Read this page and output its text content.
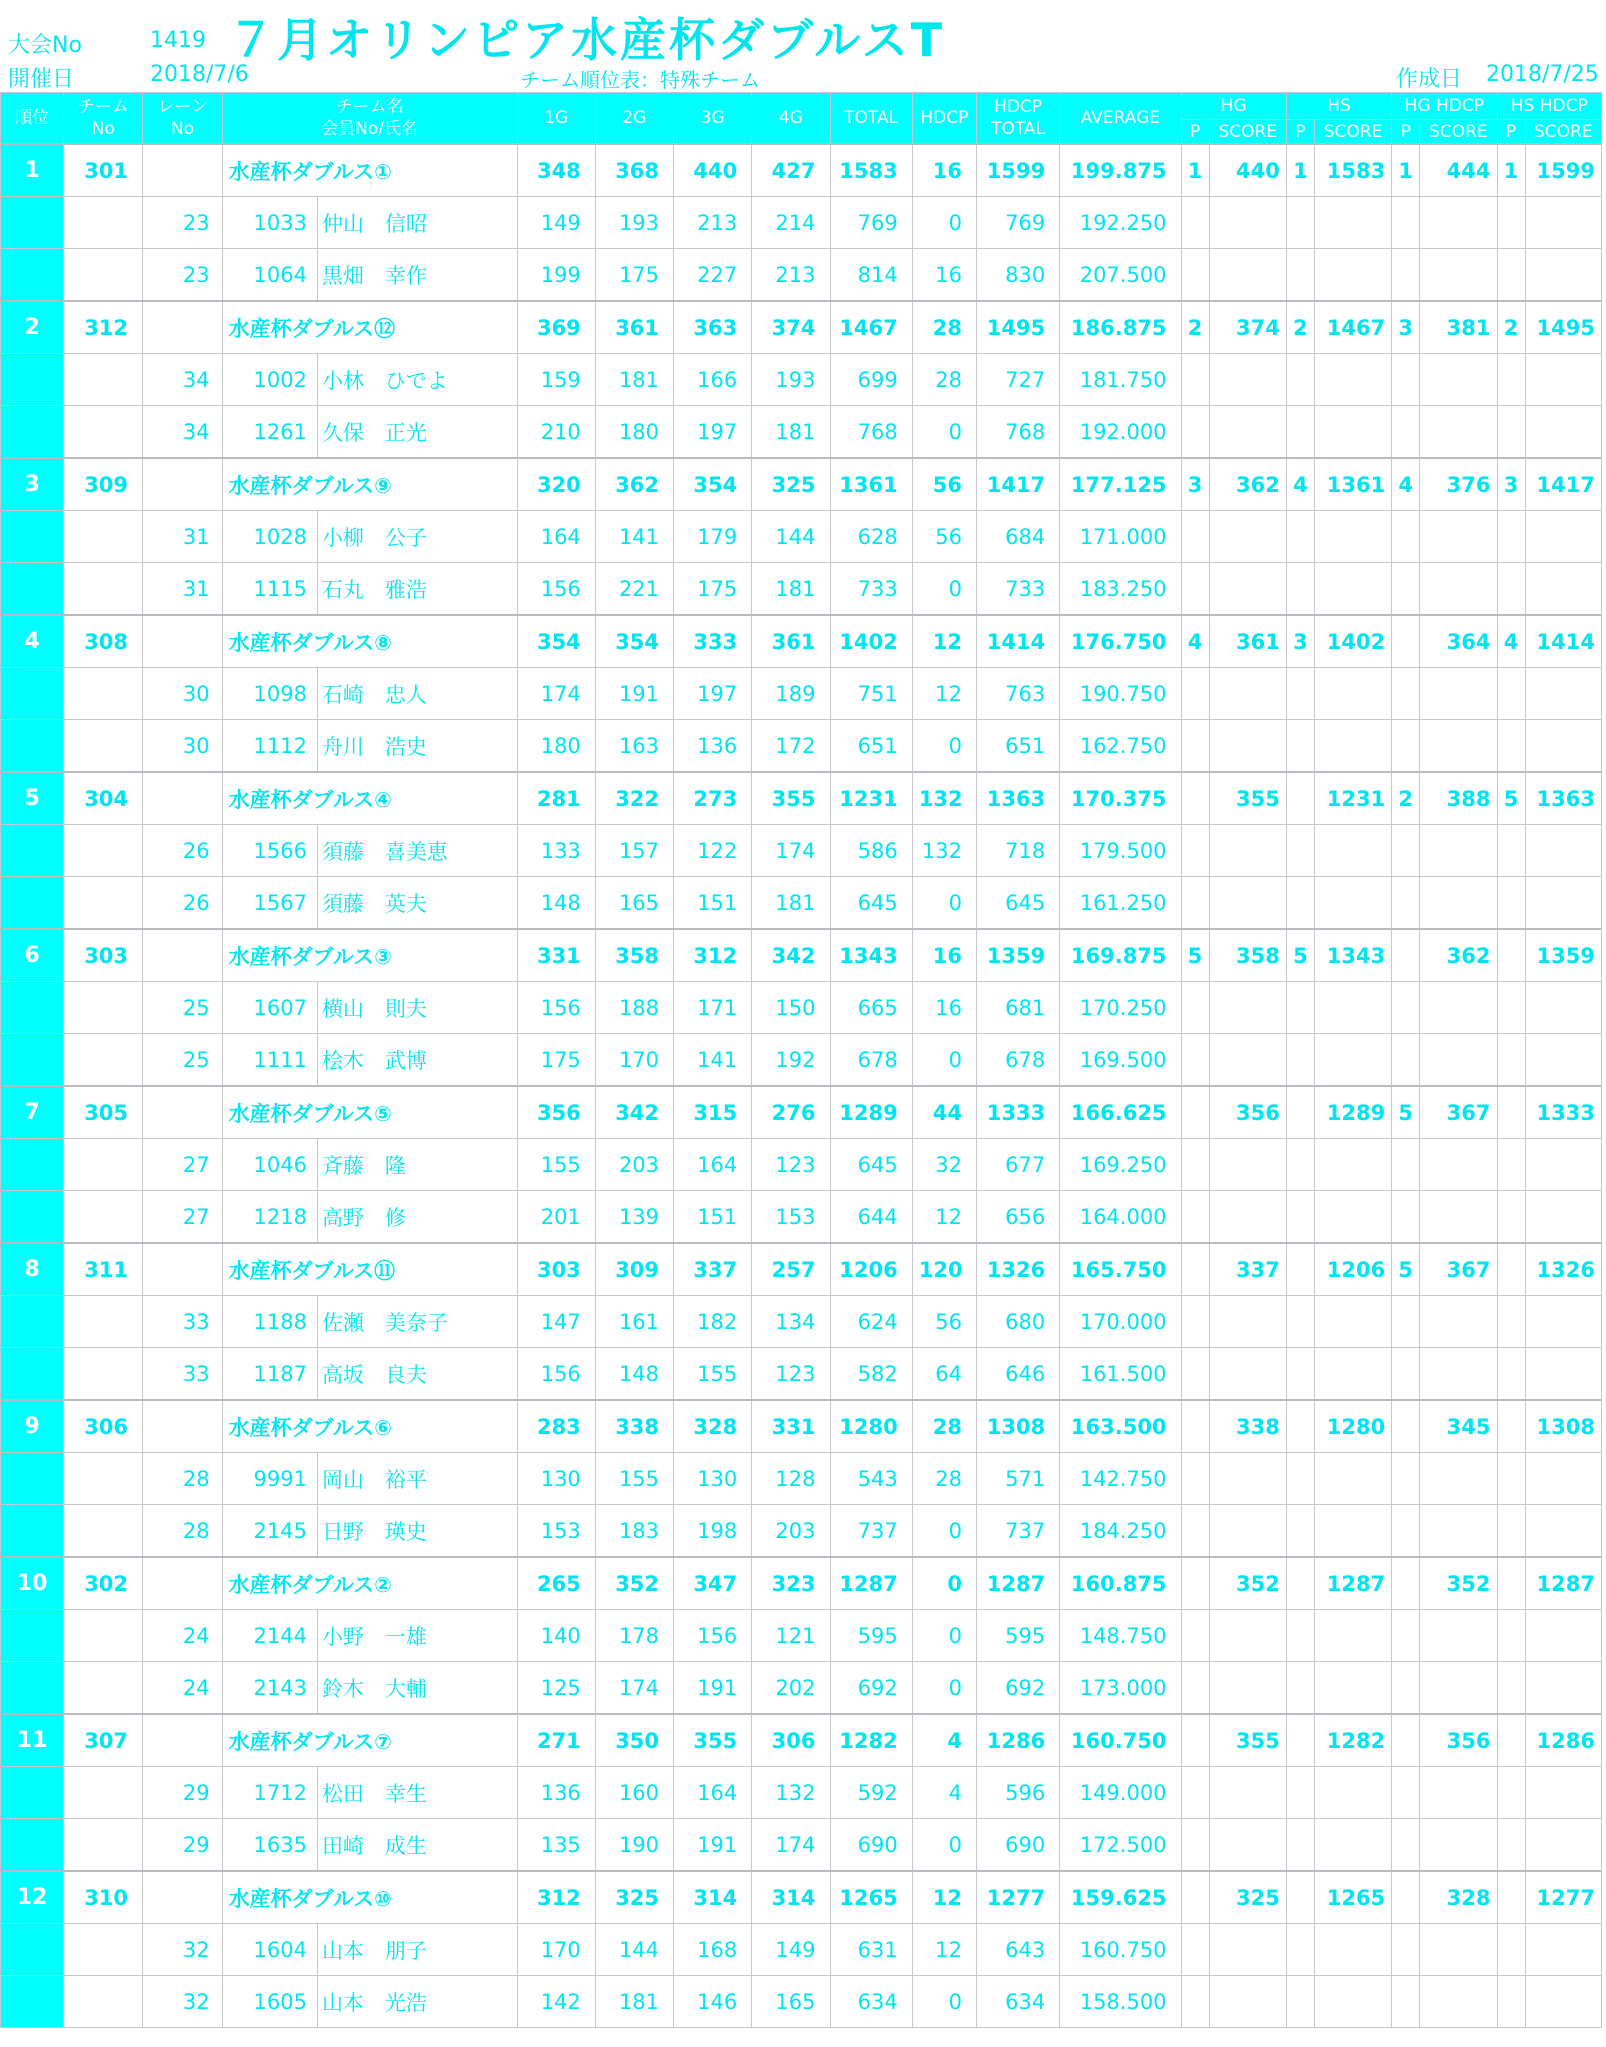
大会No	1419 ７月オリンピア水産杯ダブルスT
開催日	2018/7/6	チーム順位表：特殊チーム	作成日 2018/7/25
順位	チーム No	レーン No	チーム名
会員No/氏名		1G	2G	3G	4G	TOTAL	HDCP	HDCP TOTAL	AVERAGE	HG		HS		HG HDCP		HS HDCP	
													P	SCORE	P	SCORE	P	SCORE	P	SCORE
1	301		水産杯ダブルス①		348	368	440	427	1583	16	1599	199.875	1	440	1	1583	1	444	1	1599
		23	1033	仲山　信昭	149	193	213	214	769	0	769	192.250								
		23	1064	黒畑　幸作	199	175	227	213	814	16	830	207.500								
2	312		水産杯ダブルス⑫		369	361	363	374	1467	28	1495	186.875	2	374	2	1467	3	381	2	1495
		34	1002	小林　ひでよ	159	181	166	193	699	28	727	181.750								
		34	1261	久保　正光	210	180	197	181	768	0	768	192.000								
3	309		水産杯ダブルス⑨		320	362	354	325	1361	56	1417	177.125	3	362	4	1361	4	376	3	1417
		31	1028	小柳　公子	164	141	179	144	628	56	684	171.000								
		31	1115	石丸　雅浩	156	221	175	181	733	0	733	183.250								
4	308		水産杯ダブルス⑧		354	354	333	361	1402	12	1414	176.750	4	361	3	1402		364	4	1414
		30	1098	石崎　忠人	174	191	197	189	751	12	763	190.750								
		30	1112	舟川　浩史	180	163	136	172	651	0	651	162.750								
5	304		水産杯ダブルス④		281	322	273	355	1231	132	1363	170.375		355		1231	2	388	5	1363
		26	1566	須藤　喜美恵	133	157	122	174	586	132	718	179.500								
		26	1567	須藤　英夫	148	165	151	181	645	0	645	161.250								
6	303		水産杯ダブルス③		331	358	312	342	1343	16	1359	169.875	5	358	5	1343		362		1359
		25	1607	横山　則夫	156	188	171	150	665	16	681	170.250								
		25	1111	桧木　武博	175	170	141	192	678	0	678	169.500								
7	305		水産杯ダブルス⑤		356	342	315	276	1289	44	1333	166.625		356		1289	5	367		1333
		27	1046	斉藤　隆	155	203	164	123	645	32	677	169.250								
		27	1218	高野　修	201	139	151	153	644	12	656	164.000								
8	311		水産杯ダブルス⑪		303	309	337	257	1206	120	1326	165.750		337		1206	5	367		1326
		33	1188	佐瀬　美奈子	147	161	182	134	624	56	680	170.000								
		33	1187	高坂　良夫	156	148	155	123	582	64	646	161.500								
9	306		水産杯ダブルス⑥		283	338	328	331	1280	28	1308	163.500		338		1280		345		1308
		28	9991	岡山　裕平	130	155	130	128	543	28	571	142.750								
		28	2145	日野　瑛史	153	183	198	203	737	0	737	184.250								
10	302		水産杯ダブルス②		265	352	347	323	1287	0	1287	160.875		352		1287		352		1287
		24	2144	小野　一雄	140	178	156	121	595	0	595	148.750								
		24	2143	鈴木　大輔	125	174	191	202	692	0	692	173.000								
11	307		水産杯ダブルス⑦		271	350	355	306	1282	4	1286	160.750		355		1282		356		1286
		29	1712	松田　幸生	136	160	164	132	592	4	596	149.000								
		29	1635	田崎　成生	135	190	191	174	690	0	690	172.500								
12	310		水産杯ダブルス⑩		312	325	314	314	1265	12	1277	159.625		325		1265		328		1277
		32	1604	山本　朋子	170	144	168	149	631	12	643	160.750								
		32	1605	山本　光浩	142	181	146	165	634	0	634	158.500								
